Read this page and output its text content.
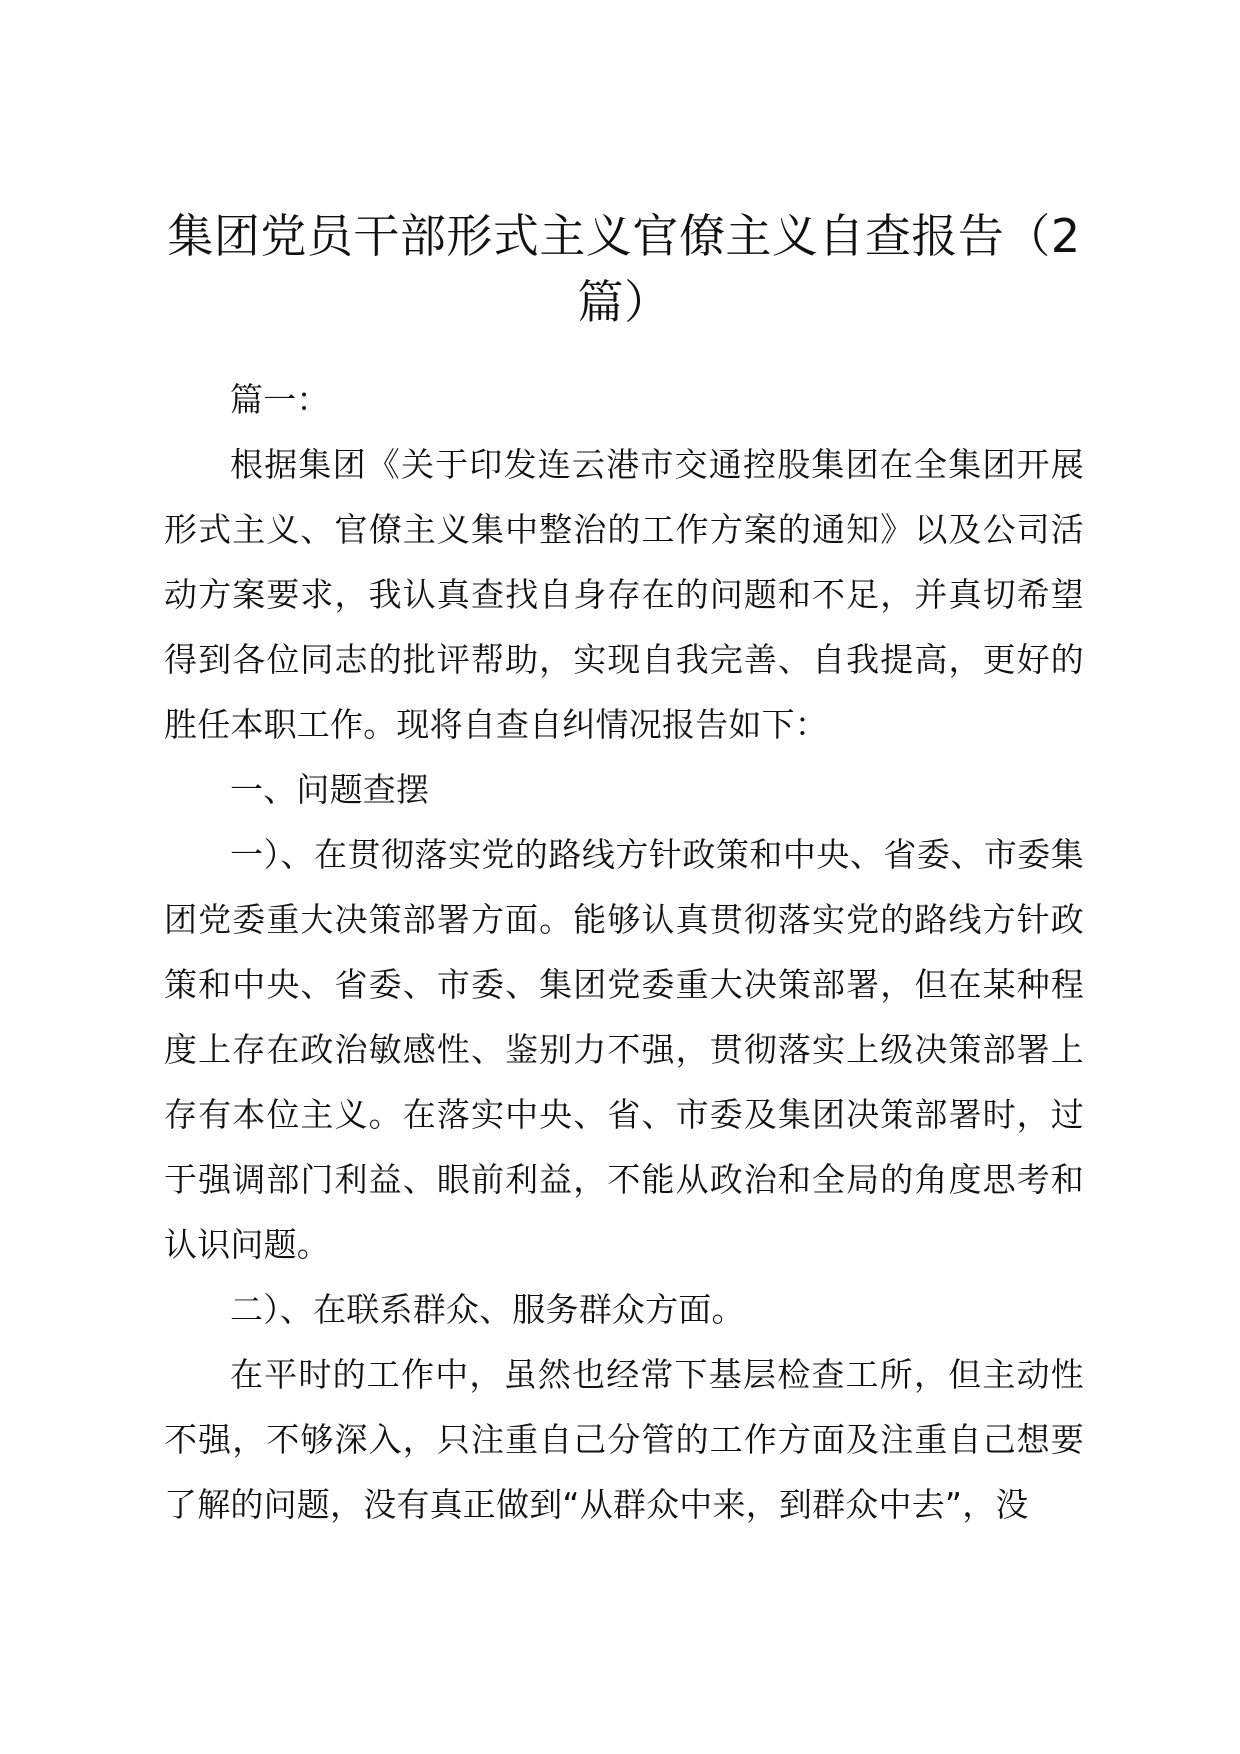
集团党员干部形式主义官僚主义自查报告（2篇）

篇一：

根据集团《关于印发连云港市交通控股集团在全集团开展形式主义、官僚主义集中整治的工作方案的通知》以及公司活动方案要求，我认真查找自身存在的问题和不足，并真切希望得到各位同志的批评帮助，实现自我完善、自我提高，更好的胜任本职工作。现将自查自纠情况报告如下：

一、问题查摆

一）、在贯彻落实党的路线方针政策和中央、省委、市委集团党委重大决策部署方面。能够认真贯彻落实党的路线方针政策和中央、省委、市委、集团党委重大决策部署，但在某种程度上存在政治敏感性、鉴别力不强，贯彻落实上级决策部署上存有本位主义。在落实中央、省、市委及集团决策部署时，过于强调部门利益、眼前利益，不能从政治和全局的角度思考和认识问题。

二）、在联系群众、服务群众方面。

在平时的工作中，虽然也经常下基层检查工所，但主动性不强，不够深入，只注重自己分管的工作方面及注重自己想要了解的问题，没有真正做到“从群众中来，到群众中去”，没
